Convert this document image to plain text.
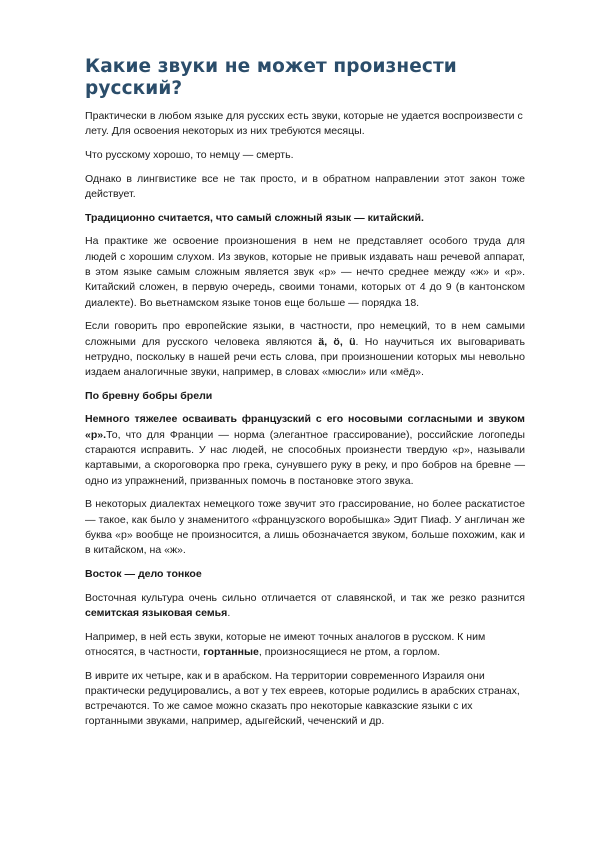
Какие звуки не может произнести русский?

Практически в любом языке для русских есть звуки, которые не удается воспроизвести с лету. Для освоения некоторых из них требуются месяцы.

Что русскому хорошо, то немцу — смерть.

Однако в лингвистике все не так просто, и в обратном направлении этот закон тоже действует.

Традиционно считается, что самый сложный язык — китайский.

На практике же освоение произношения в нем не представляет особого труда для людей с хорошим слухом. Из звуков, которые не привык издавать наш речевой аппарат, в этом языке самым сложным является звук «р» — нечто среднее между «ж» и «р». Китайский сложен, в первую очередь, своими тонами, которых от 4 до 9 (в кантонском диалекте). Во вьетнамском языке тонов еще больше — порядка 18.

Если говорить про европейские языки, в частности, про немецкий, то в нем самыми сложными для русского человека являются ä, ö, ü. Но научиться их выговаривать нетрудно, поскольку в нашей речи есть слова, при произношении которых мы невольно издаем аналогичные звуки, например, в словах «мюсли» или «мёд».

По бревну бобры брели

Немного тяжелее осваивать французский с его носовыми согласными и звуком «р».То, что для Франции — норма (элегантное грассирование), российские логопеды стараются исправить. У нас людей, не способных произнести твердую «р», называли картавыми, а скороговорка про грека, сунувшего руку в реку, и про бобров на бревне — одно из упражнений, призванных помочь в постановке этого звука.

В некоторых диалектах немецкого тоже звучит это грассирование, но более раскатистое — такое, как было у знаменитого «французского воробышка» Эдит Пиаф. У англичан же буква «р» вообще не произносится, а лишь обозначается звуком, больше похожим, как и в китайском, на «ж».

Восток — дело тонкое

Восточная культура очень сильно отличается от славянской, и так же резко разнится семитская языковая семья.

Например, в ней есть звуки, которые не имеют точных аналогов в русском. К ним относятся, в частности, гортанные, произносящиеся не ртом, а горлом.

В иврите их четыре, как и в арабском. На территории современного Израиля они практически редуцировались, а вот у тех евреев, которые родились в арабских странах, встречаются. То же самое можно сказать про некоторые кавказские языки с их гортанными звуками, например, адыгейский, чеченский и др.
